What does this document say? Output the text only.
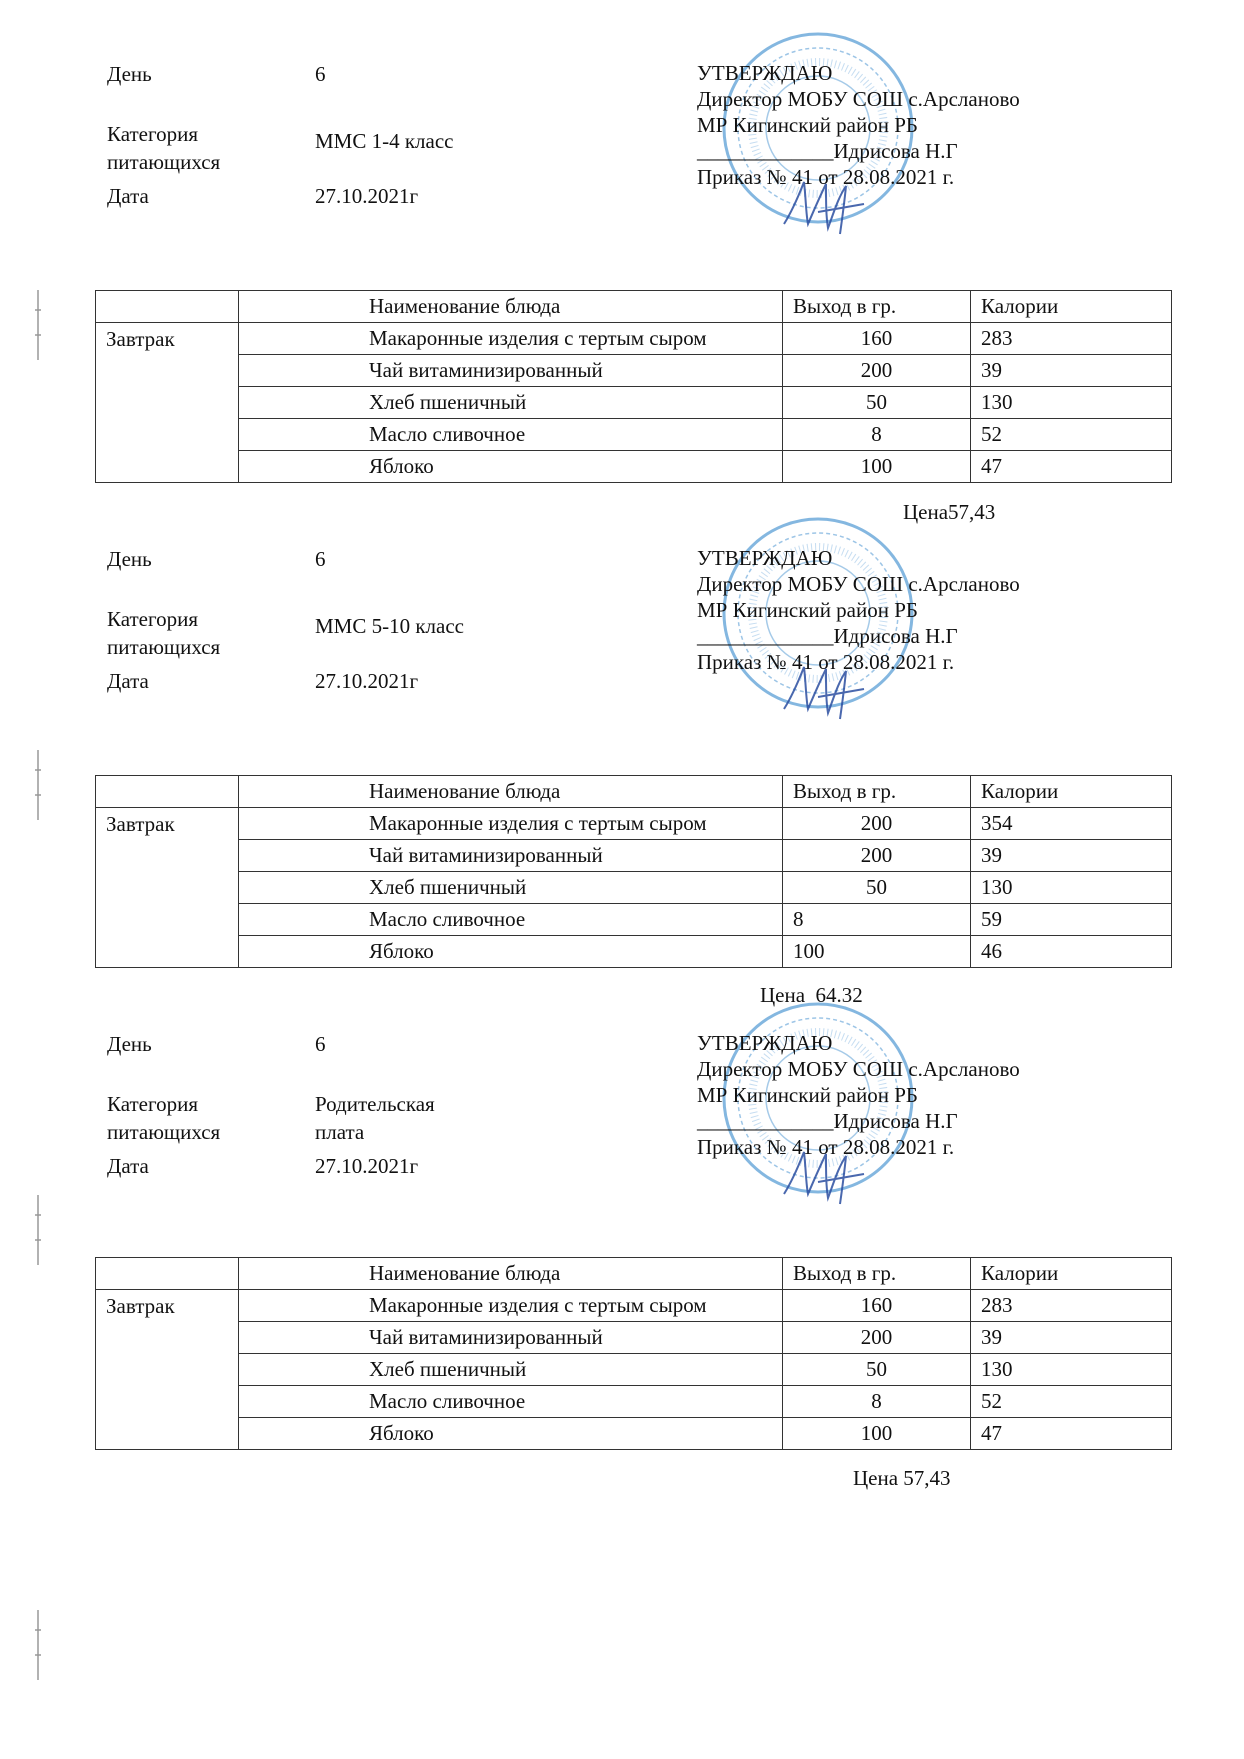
День	6
Категория питающихся
ММС 1-4 класс
Дата	27.10.2021г
УТВЕРЖДАЮ
Директор МОБУ СОШ с.Арсланово
МР Кигинский район РБ
_____________Идрисова Н.Г
Приказ № 41 от 28.08.2021 г.
	Наименование блюда	Выход в гр.	Калории
Завтрак	Макаронные изделия с тертым сыром	160	283
	Чай витаминизированный	200	39
	Хлеб пшеничный	50	130
	Масло сливочное	8	52
	Яблоко	100	47
Цена57,43
День	6
Категория питающихся
ММС 5-10 класс
Дата	27.10.2021г
УТВЕРЖДАЮ
Директор МОБУ СОШ с.Арсланово
МР Кигинский район РБ
_____________Идрисова Н.Г
Приказ № 41 от 28.08.2021 г.
	Наименование блюда	Выход в гр.	Калории
Завтрак	Макаронные изделия с тертым сыром	200	354
	Чай витаминизированный	200	39
	Хлеб пшеничный	50	130
	Масло сливочное	8	59
	Яблоко	100	46
Цена  64.32
День	6
Категория питающихся
Родительская плата
Дата	27.10.2021г
УТВЕРЖДАЮ
Директор МОБУ СОШ с.Арсланово
МР Кигинский район РБ
_____________Идрисова Н.Г
Приказ № 41 от 28.08.2021 г.
	Наименование блюда	Выход в гр.	Калории
Завтрак	Макаронные изделия с тертым сыром	160	283
	Чай витаминизированный	200	39
	Хлеб пшеничный	50	130
	Масло сливочное	8	52
	Яблоко	100	47
Цена 57,43
